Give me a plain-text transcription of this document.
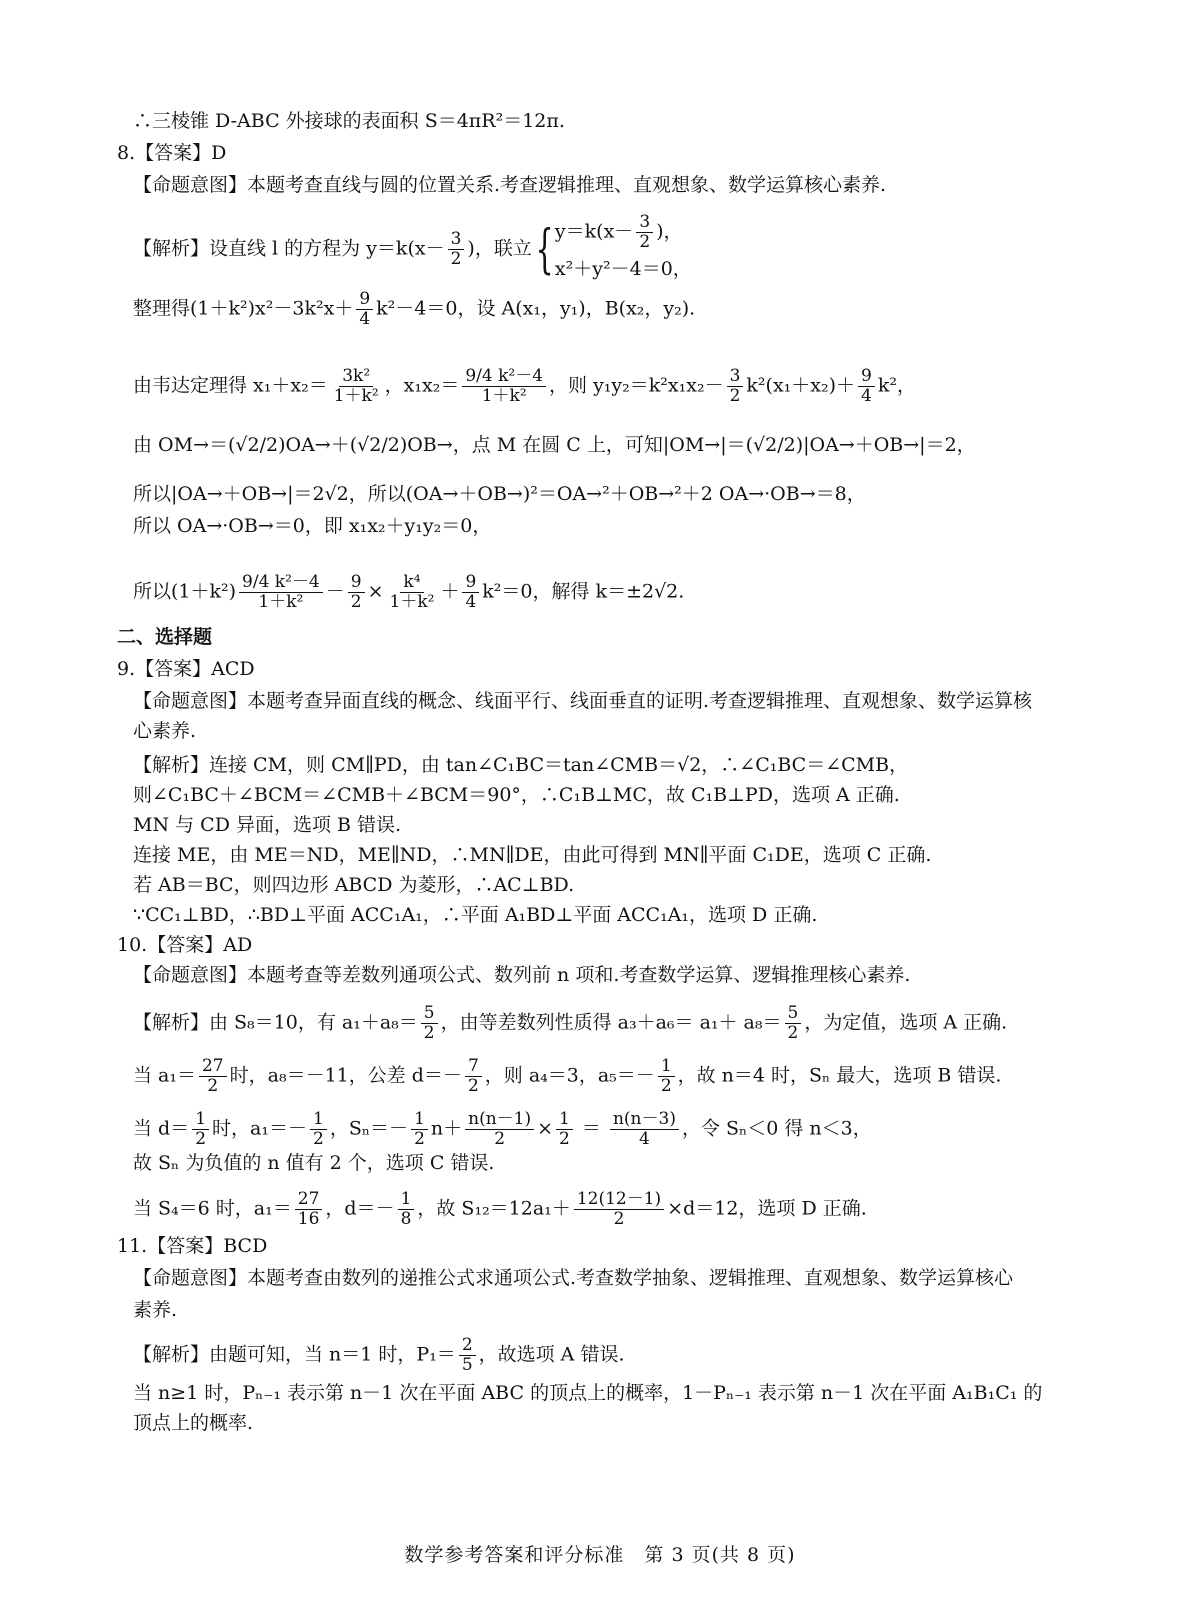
∴三棱锥 D-ABC 外接球的表面积 S＝4πR²＝12π.
8.【答案】D
【命题意图】本题考查直线与圆的位置关系.考查逻辑推理、直观想象、数学运算核心素养.
【解析】设直线 l 的方程为 $y=k(x- \frac{3}{2}$ )，联立{ $y=k(x- \frac{3}{2}$ )，
x²＋y²－4＝0，
整理得$(1+k^2)x^2-3k^2x+ \frac{9}{4} k^2-4=0$，设 A(x₁，y₁)，B(x₂，y₂).
由韦达定理得 $x_1+x_2= \frac{\text{3k²}}{\text{1＋k²}}$ ，$x_1x_2= \frac{\text{9/4 k²－4}}{\text{1＋k²}}$ ，则 $y_1y_2=k^2x_1x_2- \frac{3}{2} k^2(x_1+x_2)+ \frac{9}{4} k^2$，
由 OM→＝(√2/2)OA→＋(√2/2)OB→，点 M 在圆 C 上，可知|OM→|＝(√2/2)|OA→＋OB→|＝2，
所以|OA→＋OB→|＝2√2，所以(OA→＋OB→)²＝OA→²＋OB→²＋2 OA→·OB→＝8，
所以 OA→·OB→＝0，即 x₁x₂＋y₁y₂＝0，
所以$(1+k^2) \frac{\text{9/4 k²－4}}{\text{1＋k²}} - \frac{9}{2} \times \frac{\text{k⁴}}{\text{1＋k²}} + \frac{9}{4} k^2=0$，解得 k＝±2√2.
二、选择题
9.【答案】ACD
【命题意图】本题考查异面直线的概念、线面平行、线面垂直的证明.考查逻辑推理、直观想象、数学运算核
心素养.
【解析】连接 CM，则 CM∥PD，由 tan∠C₁BC＝tan∠CMB＝√2，∴∠C₁BC＝∠CMB，
则∠C₁BC＋∠BCM＝∠CMB＋∠BCM＝90°，∴C₁B⊥MC，故 C₁B⊥PD，选项 A 正确.
MN 与 CD 异面，选项 B 错误.
连接 ME，由 ME＝ND，ME∥ND，∴MN∥DE，由此可得到 MN∥平面 C₁DE，选项 C 正确.
若 AB＝BC，则四边形 ABCD 为菱形，∴AC⊥BD.
∵CC₁⊥BD，∴BD⊥平面 ACC₁A₁，∴平面 A₁BD⊥平面 ACC₁A₁，选项 D 正确.
10.【答案】AD
【命题意图】本题考查等差数列通项公式、数列前 n 项和.考查数学运算、逻辑推理核心素养.
【解析】由 S₈＝10，有 $a_1+a_8= \frac{5}{2}$ ，由等差数列性质得 $a_3+a_6= a_1+ a_8= \frac{5}{2}$ ，为定值，选项 A 正确.
当 $a_1= \frac{27}{2}$ 时，a₈＝－11，公差 $d=- \frac{7}{2}$ ，则 a₄＝3，$a_5=- \frac{1}{2}$ ，故 n＝4 时，Sₙ 最大，选项 B 错误.
当 $d= \frac{1}{2}$ 时，$a_1=- \frac{1}{2}$ ，$S_n=- \frac{1}{2} n+ \frac{n(n-1)}{2} \times \frac{1}{2} = \frac{n(n-3)}{4}$ ，令 Sₙ＜0 得 n＜3，
故 Sₙ 为负值的 n 值有 2 个，选项 C 错误.
当 S₄＝6 时，$a_1= \frac{27}{16}$ ，$d=- \frac{1}{8}$ ，故 $S_{12}=12a_1+ \frac{12(12-1)}{2} \times d=12$，选项 D 正确.
11.【答案】BCD
【命题意图】本题考查由数列的递推公式求通项公式.考查数学抽象、逻辑推理、直观想象、数学运算核心
素养.
【解析】由题可知，当 n＝1 时，$P_1= \frac{2}{5}$ ，故选项 A 错误.
当 n≥1 时，Pₙ₋₁ 表示第 n－1 次在平面 ABC 的顶点上的概率，1－Pₙ₋₁ 表示第 n－1 次在平面 A₁B₁C₁ 的
顶点上的概率.
数学参考答案和评分标准　第 3 页(共 8 页)
